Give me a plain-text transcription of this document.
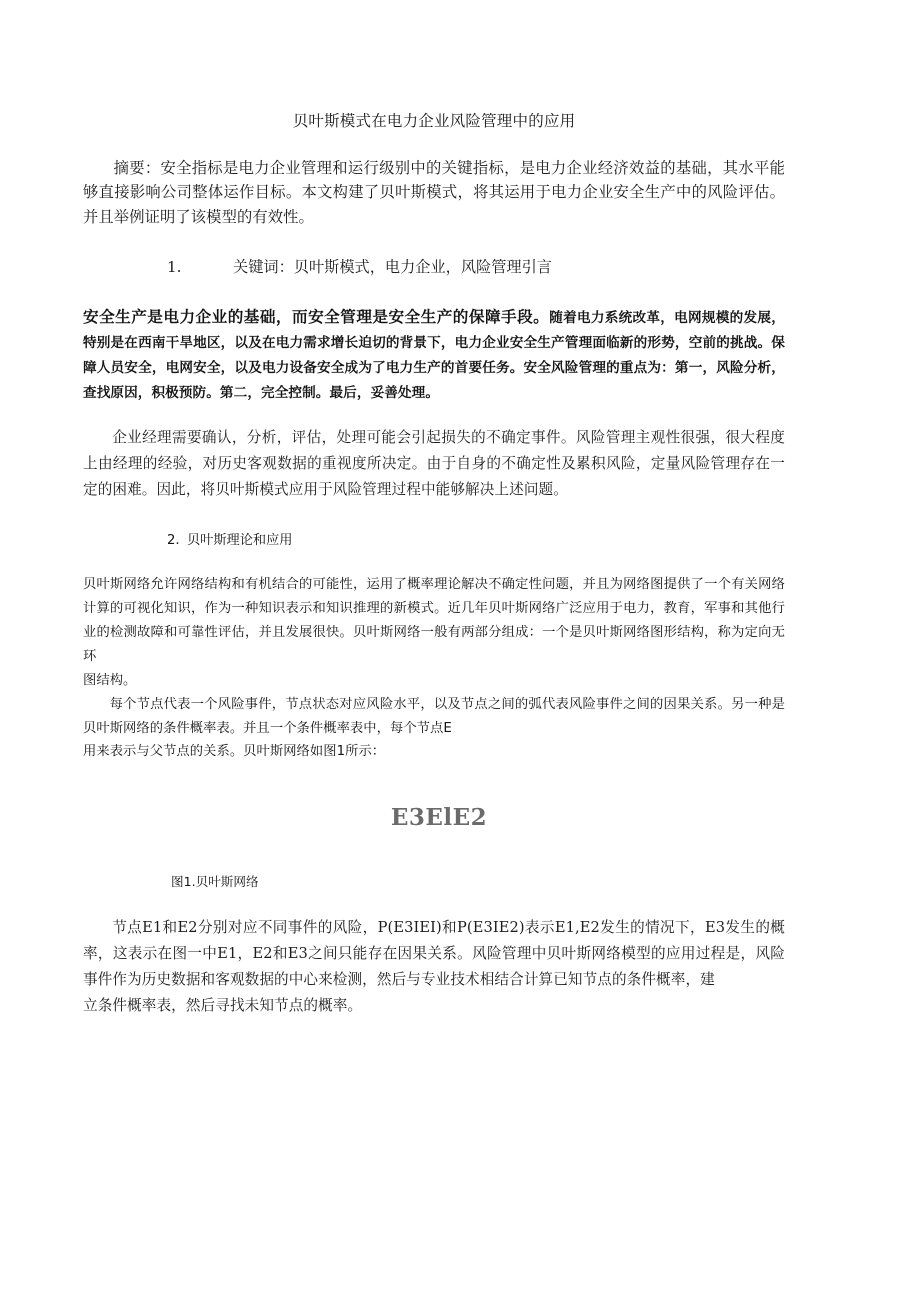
贝叶斯模式在电力企业风险管理中的应用

摘要：安全指标是电力企业管理和运行级别中的关键指标，是电力企业经济效益的基础，其水平能够直接影响公司整体运作目标。本文构建了贝叶斯模式，将其运用于电力企业安全生产中的风险评估。并且举例证明了该模型的有效性。

1.	关键词：贝叶斯模式，电力企业，风险管理引言

安全生产是电力企业的基础，而安全管理是安全生产的保障手段。随着电力系统改革，电网规模的发展，特别是在西南干旱地区，以及在电力需求增长迫切的背景下，电力企业安全生产管理面临新的形势，空前的挑战。保障人员安全，电网安全，以及电力设备安全成为了电力生产的首要任务。安全风险管理的重点为：第一，风险分析，查找原因，积极预防。第二，完全控制。最后，妥善处理。

企业经理需要确认，分析，评估，处理可能会引起损失的不确定事件。风险管理主观性很强，很大程度上由经理的经验，对历史客观数据的重视度所决定。由于自身的不确定性及累积风险，定量风险管理存在一定的困难。因此，将贝叶斯模式应用于风险管理过程中能够解决上述问题。

2. 贝叶斯理论和应用

贝叶斯网络允许网络结构和有机结合的可能性，运用了概率理论解决不确定性问题，并且为网络图提供了一个有关网络计算的可视化知识，作为一种知识表示和知识推理的新模式。近几年贝叶斯网络广泛应用于电力，教育，军事和其他行业的检测故障和可靠性评估，并且发展很快。贝叶斯网络一般有两部分组成：一个是贝叶斯网络图形结构，称为定向无环

图结构。

每个节点代表一个风险事件，节点状态对应风险水平，以及节点之间的弧代表风险事件之间的因果关系。另一种是贝叶斯网络的条件概率表。并且一个条件概率表中，每个节点E

用来表示与父节点的关系。贝叶斯网络如图1所示：

E3ElE2
图1.贝叶斯网络

节点E1和E2分别对应不同事件的风险，P(E3IEI)和P(E3IE2)表示E1,E2发生的情况下，E3发生的概率，这表示在图一中E1，E2和E3之间只能存在因果关系。风险管理中贝叶斯网络模型的应用过程是，风险事件作为历史数据和客观数据的中心来检测，然后与专业技术相结合计算已知节点的条件概率，建
立条件概率表，然后寻找未知节点的概率。
